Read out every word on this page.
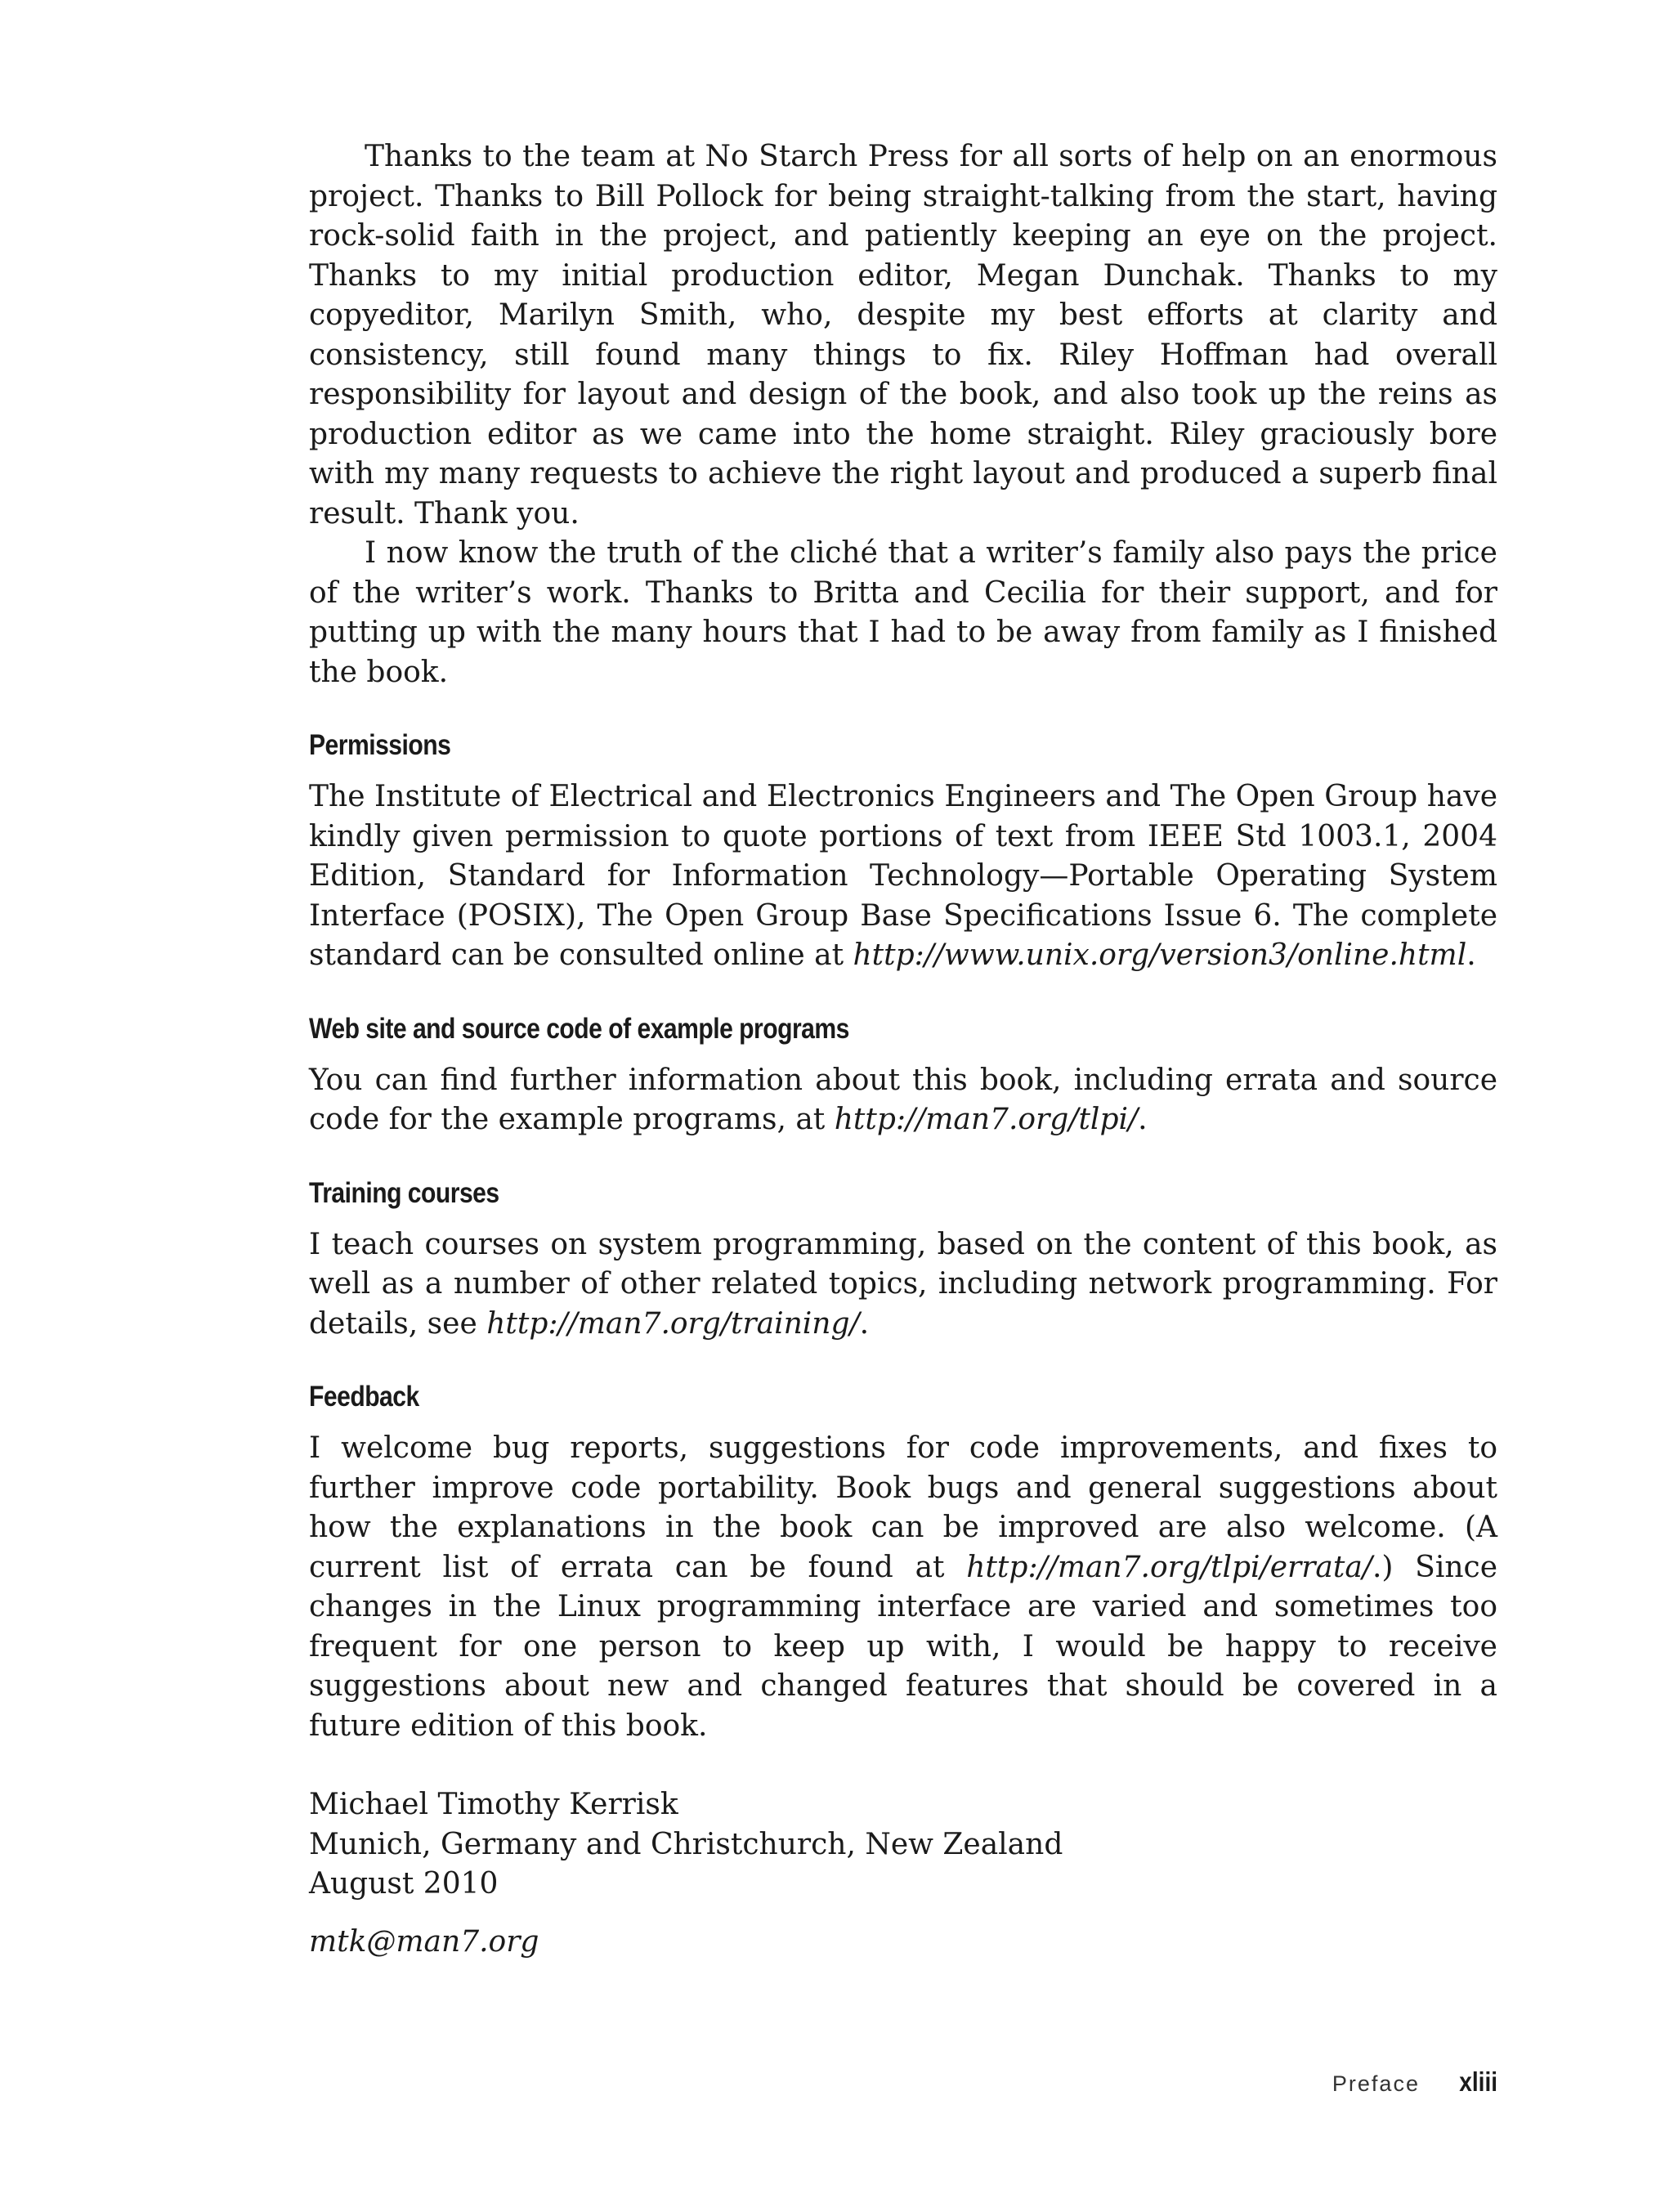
Thanks to the team at No Starch Press for all sorts of help on an enormous project. Thanks to Bill Pollock for being straight-talking from the start, having rock-solid faith in the project, and patiently keeping an eye on the project. Thanks to my initial production editor, Megan Dunchak. Thanks to my copyeditor, Marilyn Smith, who, despite my best efforts at clarity and consistency, still found many things to fix. Riley Hoffman had overall responsibility for layout and design of the book, and also took up the reins as production editor as we came into the home straight. Riley graciously bore with my many requests to achieve the right layout and produced a superb final result. Thank you.

I now know the truth of the cliché that a writer’s family also pays the price of the writer’s work. Thanks to Britta and Cecilia for their support, and for putting up with the many hours that I had to be away from family as I finished the book.

Permissions

The Institute of Electrical and Electronics Engineers and The Open Group have kindly given permission to quote portions of text from IEEE Std 1003.1, 2004 Edition, Standard for Information Technology—Portable Operating System Interface (POSIX), The Open Group Base Specifications Issue 6. The complete standard can be consulted online at http://www.unix.org/version3/online.html.

Web site and source code of example programs

You can find further information about this book, including errata and source code for the example programs, at http://man7.org/tlpi/.

Training courses

I teach courses on system programming, based on the content of this book, as well as a number of other related topics, including network programming. For details, see http://man7.org/training/.

Feedback

I welcome bug reports, suggestions for code improvements, and fixes to further improve code portability. Book bugs and general suggestions about how the explanations in the book can be improved are also welcome. (A current list of errata can be found at http://man7.org/tlpi/errata/.) Since changes in the Linux programming interface are varied and sometimes too frequent for one person to keep up with, I would be happy to receive suggestions about new and changed features that should be covered in a future edition of this book.

Michael Timothy Kerrisk

Munich, Germany and Christchurch, New Zealand

August 2010

mtk@man7.org
Preface xliii
